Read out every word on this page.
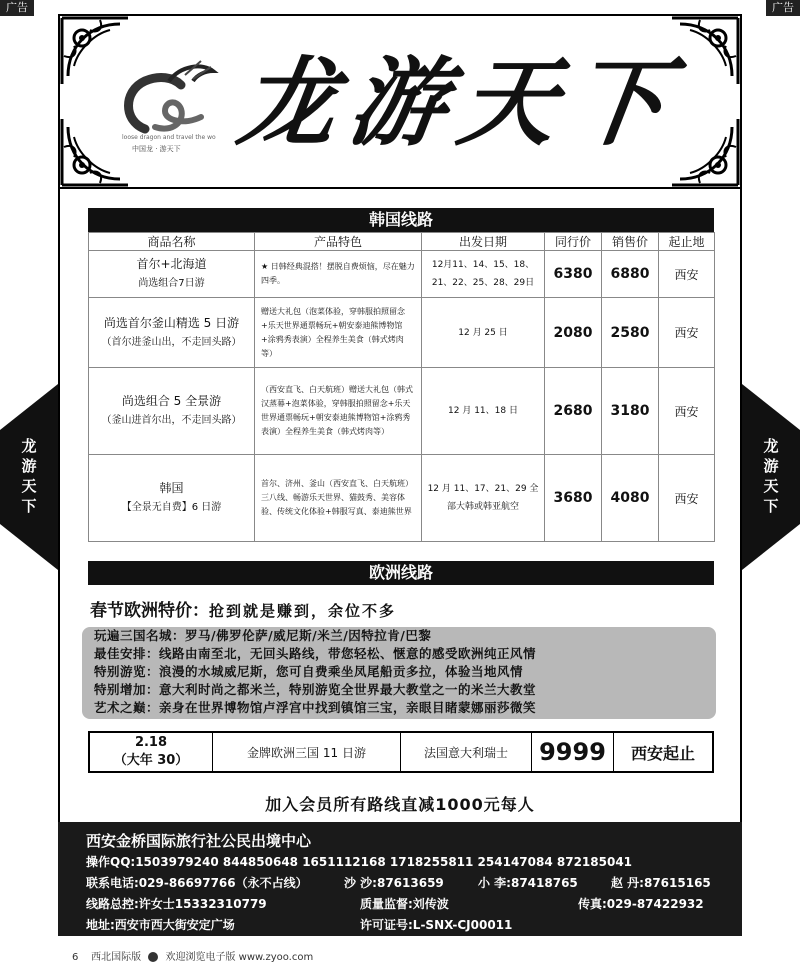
广告	广告
loose dragon and travel the wo
中国龙 · 游天下 龙游天下
龙
游
天
下
龙
游
天
下
韩国线路
商品名称	产品特色	出发日期	同行价	销售价	起止地

首尔+北海道
尚选组合7日游	★ 日韩经典混搭！摆脱自费烦恼，尽在魅力四季。	12月11、14、15、18、21、22、25、28、29日	6380	6880	西安

尚选首尔釜山精选 5 日游
（首尔进釜山出，不走回头路）	赠送大礼包（泡菜体验，穿韩服拍照留念+乐天世界通票畅玩+朝安泰迪熊博物馆+涂鸦秀表演）全程养生美食（韩式烤肉等）	12 月 25 日	2080	2580	西安

尚选组合 5 全景游
（釜山进首尔出，不走回头路）	（西安直飞、白天航班）赠送大礼包（韩式汉蒸幕+泡菜体验，穿韩服拍照留念+乐天世界通票畅玩+朝安泰迪熊博物馆+涂鸦秀表演）全程养生美食（韩式烤肉等）	12 月 11、18 日	2680	3180	西安

韩国
【全景无自费】6 日游	首尔、济州、釜山（西安直飞、白天航班）三八线、畅游乐天世界、猫鼓秀、美容体验、传统文化体验+韩服写真、泰迪熊世界	12 月 11、17、21、29 全部大韩或韩亚航空	3680	4080	西安
欧洲线路
春节欧洲特价：抢到就是赚到，余位不多
玩遍三国名城：罗马/佛罗伦萨/威尼斯/米兰/因特拉肯/巴黎
最佳安排：线路由南至北，无回头路线，带您轻松、惬意的感受欧洲纯正风情
特别游览：浪漫的水城威尼斯，您可自费乘坐凤尾船贡多拉，体验当地风情
特别增加：意大利时尚之都米兰，特别游览全世界最大教堂之一的米兰大教堂
艺术之巅：亲身在世界博物馆卢浮宫中找到镇馆三宝，亲眼目睹蒙娜丽莎微笑
2.18
（大年 30）
金牌欧洲三国 11 日游	法国意大利瑞士	9999	西安起止
加入会员所有路线直减1000元每人
西安金桥国际旅行社公民出境中心
操作QQ:1503979240 844850648 1651112168 1718255811 254147084 872185041
联系电话:029-86697766（永不占线）	沙 沙:87613659	小 李:87418765	赵 丹:87615165
线路总控:许女士15332310779	质量监督:刘传波	传真:029-87422932
地址:西安市西大街安定广场	许可证号:L-SNX-CJ00011
6 西北国际版 欢迎浏览电子版 www.zyoo.com
